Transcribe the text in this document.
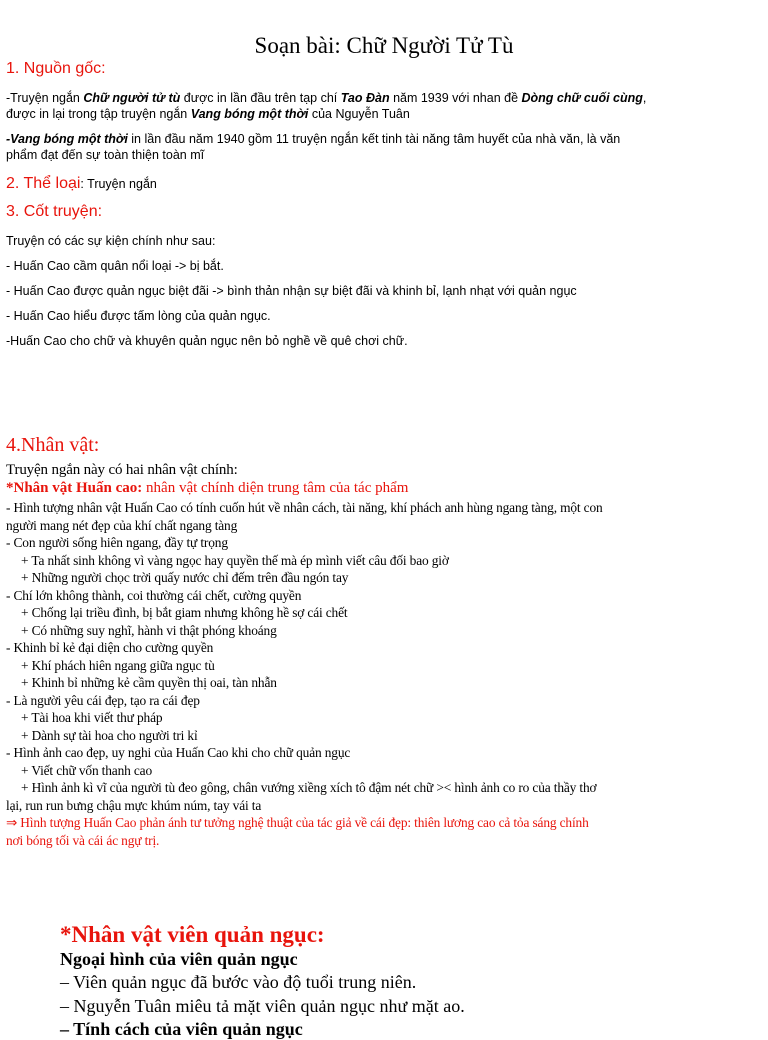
Soạn bài: Chữ Người Tử Tù
1. Nguồn gốc:
-Truyện ngắn Chữ người tử tù được in lần đầu trên tạp chí Tao Đàn năm 1939 với nhan đề Dòng chữ cuối cùng,
được in lại trong tập truyện ngắn Vang bóng một thời của Nguyễn Tuân
-Vang bóng một thời in lần đầu năm 1940 gồm 11 truyện ngắn kết tinh tài năng tâm huyết của nhà văn, là văn
phẩm đạt đến sự toàn thiện toàn mĩ
2. Thể loại: Truyện ngắn
3. Cốt truyện:
Truyện có các sự kiện chính như sau:
- Huấn Cao cầm quân nổi loại -> bị bắt.
- Huấn Cao được quản ngục biệt đãi -> bình thản nhận sự biệt đãi và khinh bỉ, lạnh nhạt với quản ngục
- Huấn Cao hiểu được tấm lòng của quản ngục.
-Huấn Cao cho chữ và khuyên quản ngục nên bỏ nghề về quê chơi chữ.
4.Nhân vật:
Truyện ngắn này có hai nhân vật chính:
*Nhân vật Huấn cao: nhân vật chính diện trung tâm của tác phẩm
- Hình tượng nhân vật Huấn Cao có tính cuốn hút về nhân cách, tài năng, khí phách anh hùng ngang tàng, một con
người mang nét đẹp của khí chất ngang tàng
- Con người sống hiên ngang, đầy tự trọng
+ Ta nhất sinh không vì vàng ngọc hay quyền thế mà ép mình viết câu đối bao giờ
+ Những người chọc trời quấy nước chỉ đếm trên đầu ngón tay
- Chí lớn không thành, coi thường cái chết, cường quyền
+ Chống lại triều đình, bị bắt giam nhưng không hề sợ cái chết
+ Có những suy nghĩ, hành vi thật phóng khoáng
- Khinh bỉ kẻ đại diện cho cường quyền
+ Khí phách hiên ngang giữa ngục tù
+ Khinh bỉ những kẻ cầm quyền thị oai, tàn nhẫn
- Là người yêu cái đẹp, tạo ra cái đẹp
+ Tài hoa khi viết thư pháp
+ Dành sự tài hoa cho người tri kỉ
- Hình ảnh cao đẹp, uy nghi của Huấn Cao khi cho chữ quản ngục
+ Viết chữ vốn thanh cao
+ Hình ảnh kì vĩ của người tù đeo gông, chân vướng xiềng xích tô đậm nét chữ >< hình ảnh co ro của thầy thơ
lại, run run bưng chậu mực khúm núm, tay vái ta
⇒ Hình tượng Huấn Cao phản ánh tư tưởng nghệ thuật của tác giả về cái đẹp: thiên lương cao cả tỏa sáng chính
nơi bóng tối và cái ác ngự trị.
*Nhân vật viên quản ngục:
Ngoại hình của viên quản ngục
– Viên quản ngục đã bước vào độ tuổi trung niên.
– Nguyễn Tuân miêu tả mặt viên quản ngục như mặt ao.
– Tính cách của viên quản ngục
